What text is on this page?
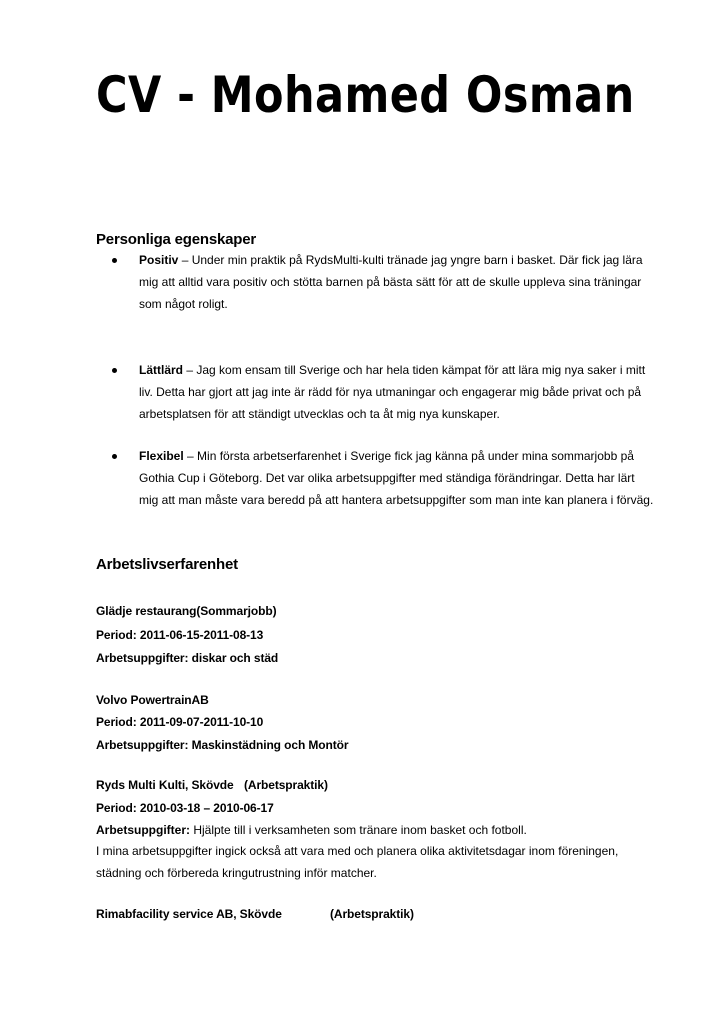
CV - Mohamed Osman
Personliga egenskaper
Positiv – Under min praktik på RydsMulti-kulti tränade jag yngre barn i basket. Där fick jag lära mig att alltid vara positiv och stötta barnen på bästa sätt för att de skulle uppleva sina träningar som något roligt.
Lättlärd – Jag kom ensam till Sverige och har hela tiden kämpat för att lära mig nya saker i mitt liv. Detta har gjort att jag inte är rädd för nya utmaningar och engagerar mig både privat och på arbetsplatsen för att ständigt utvecklas och ta åt mig nya kunskaper.
Flexibel – Min första arbetserfarenhet i Sverige fick jag känna på under mina sommarjobb på Gothia Cup i Göteborg. Det var olika arbetsuppgifter med ständiga förändringar. Detta har lärt mig att man måste vara beredd på att hantera arbetsuppgifter som man inte kan planera i förväg.
Arbetslivserfarenhet
Glädje restaurang(Sommarjobb)
Period: 2011-06-15-2011-08-13
Arbetsuppgifter: diskar och städ
Volvo PowertrainAB
Period: 2011-09-07-2011-10-10
Arbetsuppgifter: Maskinstädning och Montör
Ryds Multi Kulti, Skövde (Arbetspraktik)
Period: 2010-03-18 – 2010-06-17
Arbetsuppgifter: Hjälpte till i verksamheten som tränare inom basket och fotboll.
I mina arbetsuppgifter ingick också att vara med och planera olika aktivitetsdagar inom föreningen, städning och förbereda kringutrustning inför matcher.
Rimabfacility service AB, Skövde	(Arbetspraktik)
